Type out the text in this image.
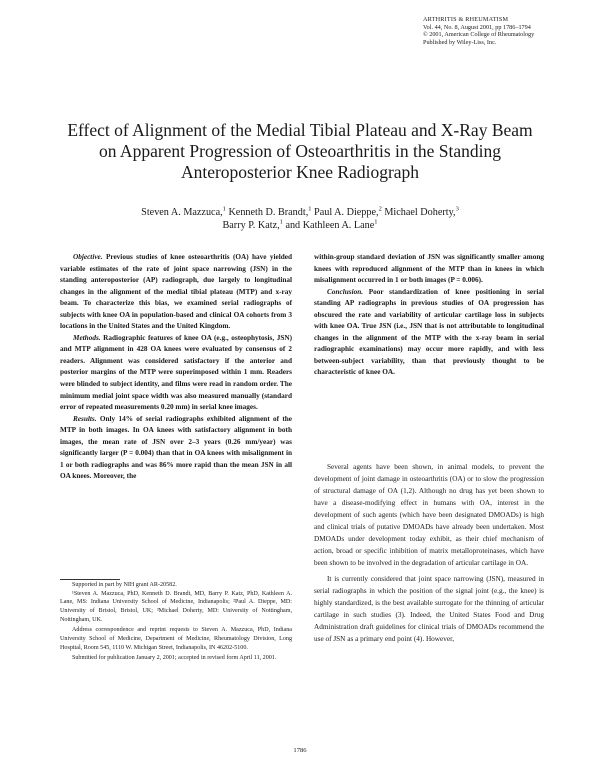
ARTHRITIS & RHEUMATISM
Vol. 44, No. 8, August 2001, pp 1786–1794
© 2001, American College of Rheumatology
Published by Wiley-Liss, Inc.
Effect of Alignment of the Medial Tibial Plateau and X-Ray Beam on Apparent Progression of Osteoarthritis in the Standing Anteroposterior Knee Radiograph
Steven A. Mazzuca,$^1$ Kenneth D. Brandt,$^1$ Paul A. Dieppe,$^2$ Michael Doherty,$^3$
Barry P. Katz,$^1$ and Kathleen A. Lane$^1$

Objective. Previous studies of knee osteoarthritis (OA) have yielded variable estimates of the rate of joint space narrowing (JSN) in the standing anteroposterior (AP) radiograph, due largely to longitudinal changes in the alignment of the medial tibial plateau (MTP) and x-ray beam. To characterize this bias, we examined serial radiographs of subjects with knee OA in population-based and clinical OA cohorts from 3 locations in the United States and the United Kingdom.

Methods. Radiographic features of knee OA (e.g., osteophytosis, JSN) and MTP alignment in 428 OA knees were evaluated by consensus of 2 readers. Alignment was considered satisfactory if the anterior and posterior margins of the MTP were superimposed within 1 mm. Readers were blinded to subject identity, and films were read in random order. The minimum medial joint space width was also measured manually (standard error of repeated measurements 0.20 mm) in serial knee images.

Results. Only 14% of serial radiographs exhibited alignment of the MTP in both images. In OA knees with satisfactory alignment in both images, the mean rate of JSN over 2–3 years (0.26 mm/year) was significantly larger (P = 0.004) than that in OA knees with misalignment in 1 or both radiographs and was 86% more rapid than the mean JSN in all OA knees. Moreover, the

within-group standard deviation of JSN was significantly smaller among knees with reproduced alignment of the MTP than in knees in which misalignment occurred in 1 or both images (P = 0.006).

Conclusion. Poor standardization of knee positioning in serial standing AP radiographs in previous studies of OA progression has obscured the rate and variability of articular cartilage loss in subjects with knee OA. True JSN (i.e., JSN that is not attributable to longitudinal changes in the alignment of the MTP with the x-ray beam in serial radiographic examinations) may occur more rapidly, and with less between-subject variability, than that previously thought to be characteristic of knee OA.

Several agents have been shown, in animal models, to prevent the development of joint damage in osteoarthritis (OA) or to slow the progression of structural damage of OA (1,2). Although no drug has yet been shown to have a disease-modifying effect in humans with OA, interest in the development of such agents (which have been designated DMOADs) is high and clinical trials of putative DMOADs have already been undertaken. Most DMOADs under development today exhibit, as their chief mechanism of action, broad or specific inhibition of matrix metalloproteinases, which have been shown to be involved in the degradation of articular cartilage in OA.

It is currently considered that joint space narrowing (JSN), measured in serial radiographs in which the position of the signal joint (e.g., the knee) is highly standardized, is the best available surrogate for the thinning of articular cartilage in such studies (3). Indeed, the United States Food and Drug Administration draft guidelines for clinical trials of DMOADs recommend the use of JSN as a primary end point (4). However,

Supported in part by NIH grant AR-20582.

¹Steven A. Mazzuca, PhD, Kenneth D. Brandt, MD, Barry P. Katz, PhD, Kathleen A. Lane, MS: Indiana University School of Medicine, Indianapolis; ²Paul A. Dieppe, MD: University of Bristol, Bristol, UK; ³Michael Doherty, MD: University of Nottingham, Nottingham, UK.

Address correspondence and reprint requests to Steven A. Mazzuca, PhD, Indiana University School of Medicine, Department of Medicine, Rheumatology Division, Long Hospital, Room 545, 1110 W. Michigan Street, Indianapolis, IN 46202-5100.

Submitted for publication January 2, 2001; accepted in revised form April 11, 2001.

1786
